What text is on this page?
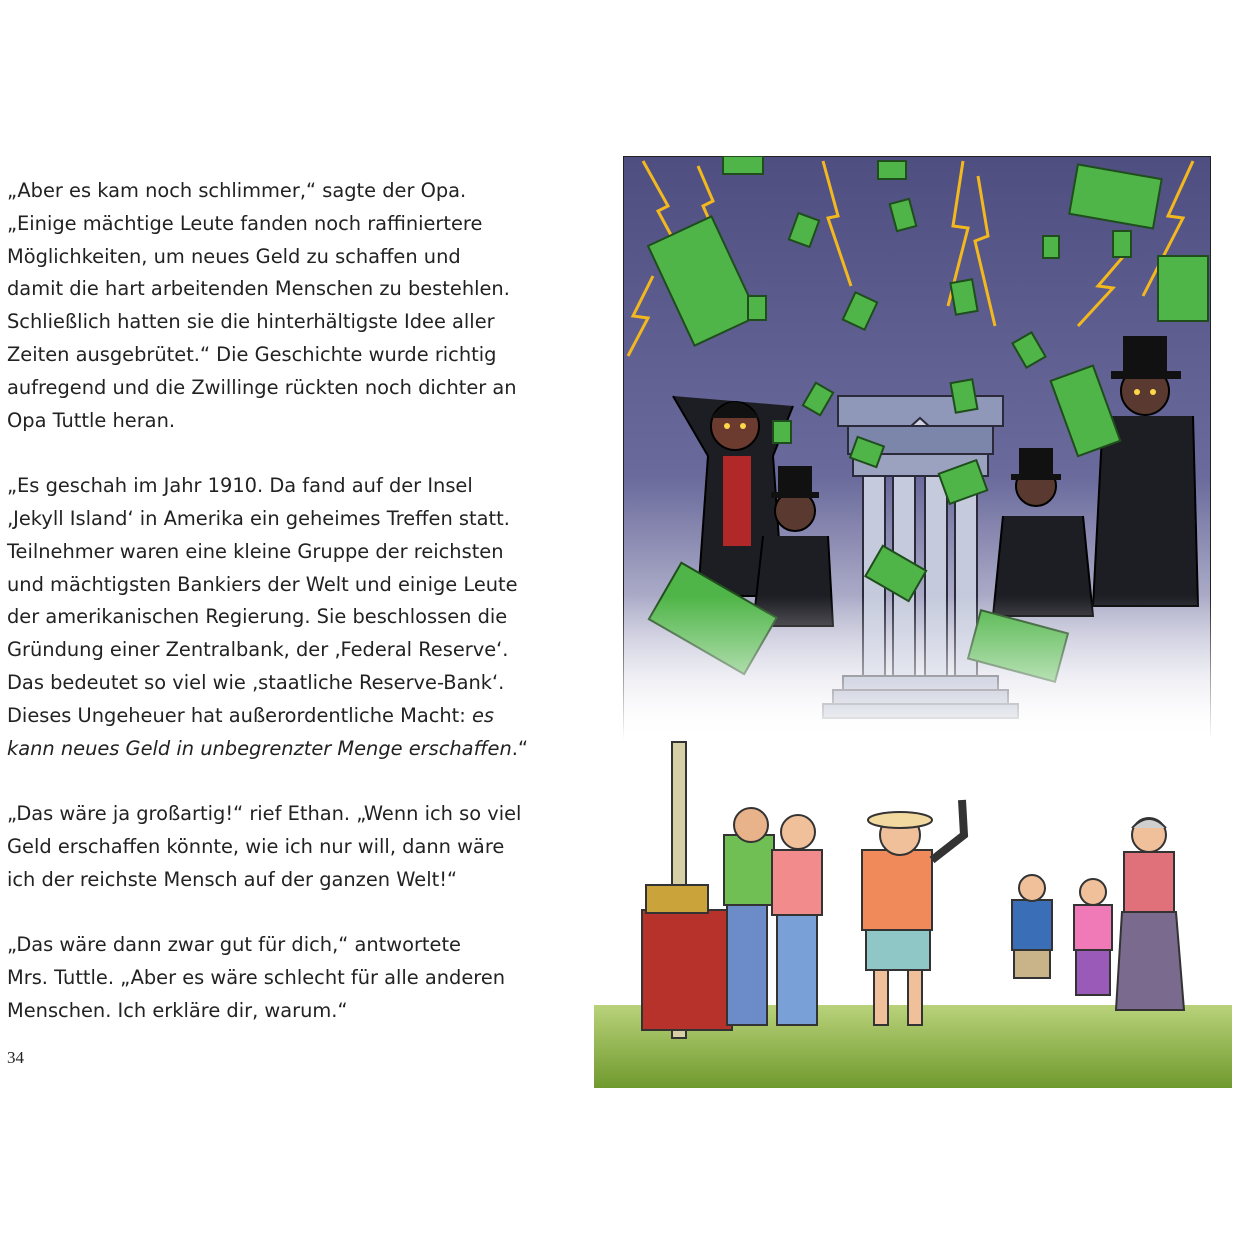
„Aber es kam noch schlimmer,“ sagte der Opa.
„Einige mächtige Leute fanden noch raffiniertere
Möglichkeiten, um neues Geld zu schaffen und
damit die hart arbeitenden Menschen zu bestehlen.
Schließlich hatten sie die hinterhältigste Idee aller
Zeiten ausgebrütet.“ Die Geschichte wurde richtig
aufregend und die Zwillinge rückten noch dichter an
Opa Tuttle heran.

„Es geschah im Jahr 1910. Da fand auf der Insel
‚Jekyll Island‘ in Amerika ein geheimes Treffen statt.
Teilnehmer waren eine kleine Gruppe der reichsten
und mächtigsten Bankiers der Welt und einige Leute
der amerikanischen Regierung. Sie beschlossen die
Gründung einer Zentralbank, der ‚Federal Reserve‘.
Das bedeutet so viel wie ‚staatliche Reserve-Bank‘.
Dieses Ungeheuer hat außerordentliche Macht: es
kann neues Geld in unbegrenzter Menge erschaffen.“

„Das wäre ja großartig!“ rief Ethan. „Wenn ich so viel
Geld erschaffen könnte, wie ich nur will, dann wäre
ich der reichste Mensch auf der ganzen Welt!“

„Das wäre dann zwar gut für dich,“ antwortete
Mrs. Tuttle. „Aber es wäre schlecht für alle anderen
Menschen. Ich erkläre dir, warum.“

34
